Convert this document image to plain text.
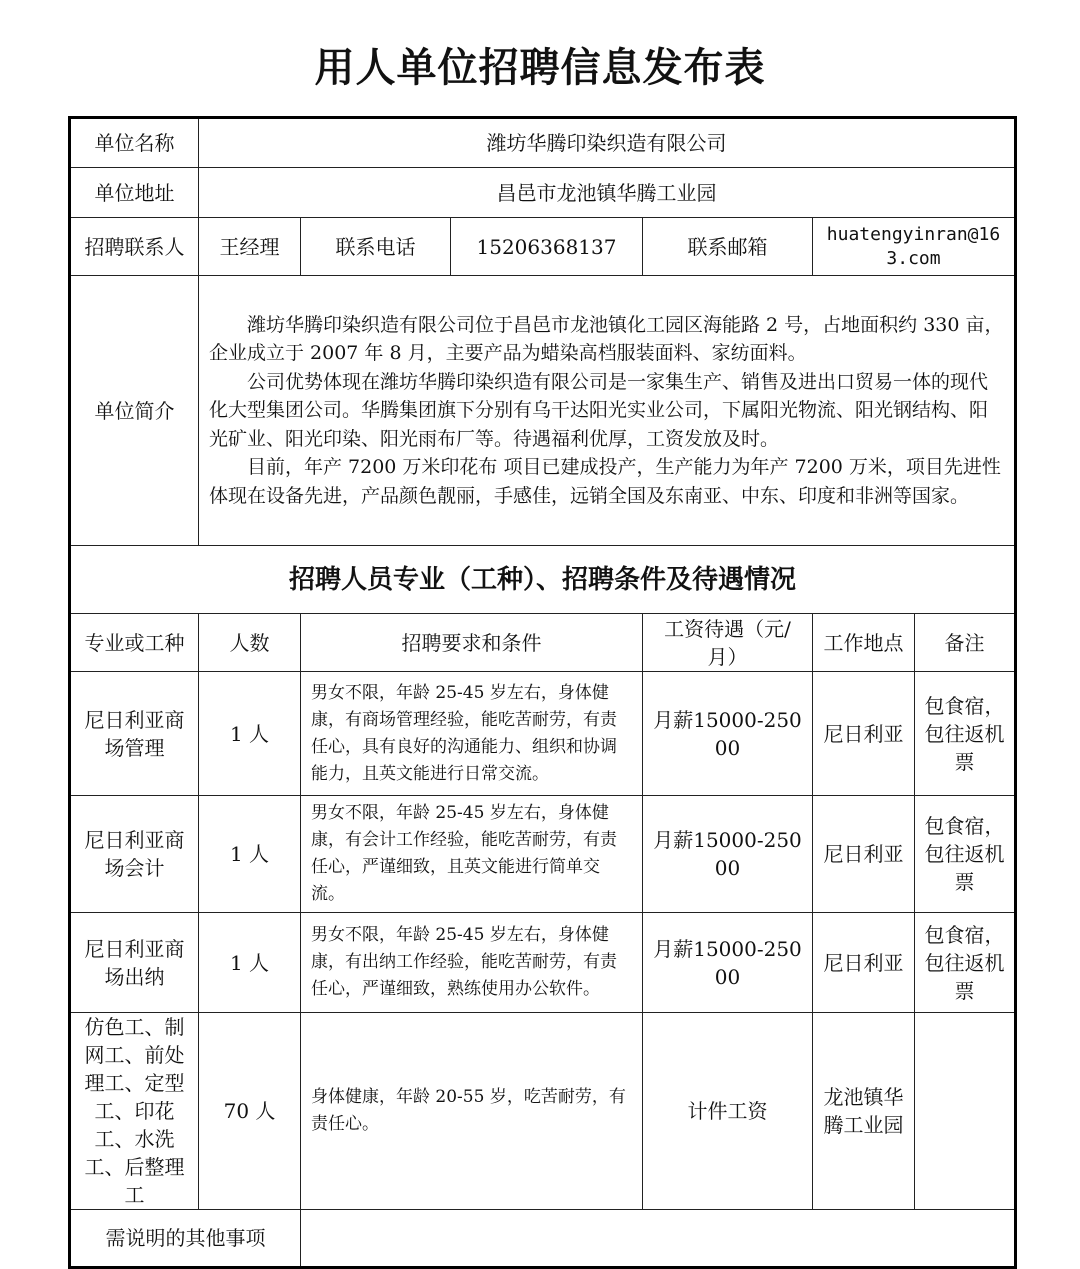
用人单位招聘信息发布表
单位名称	潍坊华腾印染织造有限公司					
单位地址	昌邑市龙池镇华腾工业园					
招聘联系人	王经理	联系电话	15206368137	联系邮箱	huatengyinran@163.com	
单位简介	潍坊华腾印染织造有限公司位于昌邑市龙池镇化工园区海能路 2 号，占地面积约 330 亩，企业成立于 2007 年 8 月，主要产品为蜡染高档服装面料、家纺面料。

公司优势体现在潍坊华腾印染织造有限公司是一家集生产、销售及进出口贸易一体的现代化大型集团公司。华腾集团旗下分别有乌干达阳光实业公司，下属阳光物流、阳光钢结构、阳光矿业、阳光印染、阳光雨布厂等。待遇福利优厚，工资发放及时。

目前，年产 7200 万米印花布 项目已建成投产，生产能力为年产 7200 万米，项目先进性体现在设备先进，产品颜色靓丽，手感佳，远销全国及东南亚、中东、印度和非洲等国家。					

招聘人员专业（工种）、招聘条件及待遇情况						
专业或工种	人数	招聘要求和条件		工资待遇（元/月）	工作地点	备注
尼日利亚商场管理	1 人	男女不限，年龄 25-45 岁左右，身体健康，有商场管理经验，能吃苦耐劳，有责任心，具有良好的沟通能力、组织和协调能力，且英文能进行日常交流。		月薪15000-25000	尼日利亚	包食宿，包往返机票
尼日利亚商场会计	1 人	男女不限，年龄 25-45 岁左右，身体健康，有会计工作经验，能吃苦耐劳，有责任心，严谨细致，且英文能进行简单交流。		月薪15000-25000	尼日利亚	包食宿，包往返机票
尼日利亚商场出纳	1 人	男女不限，年龄 25-45 岁左右，身体健康，有出纳工作经验，能吃苦耐劳，有责任心，严谨细致，熟练使用办公软件。		月薪15000-25000	尼日利亚	包食宿，包往返机票
仿色工、制网工、前处理工、定型工、印花工、水洗工、后整理工	70 人	身体健康，年龄 20-55 岁，吃苦耐劳，有责任心。		计件工资	龙池镇华腾工业园	
需说明的其他事项						
